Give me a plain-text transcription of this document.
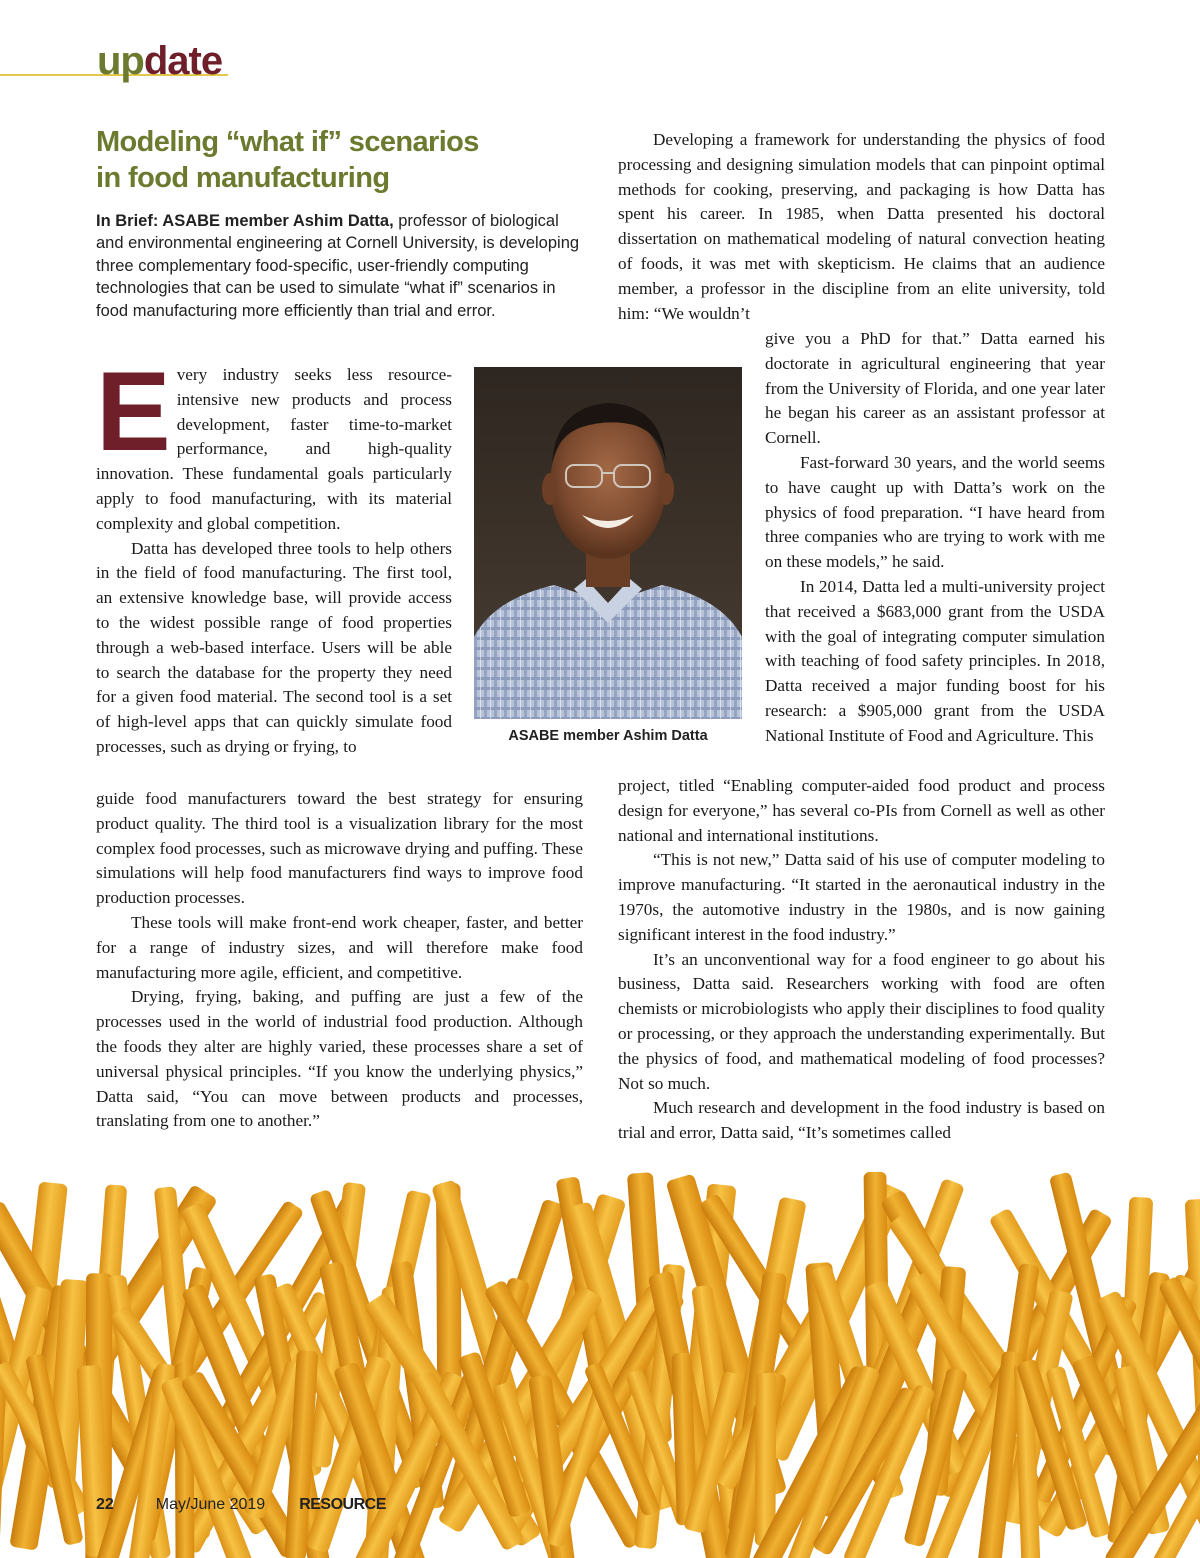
update
Modeling “what if” scenarios
in food manufacturing
In Brief: ASABE member Ashim Datta, professor of biological and environmental engineering at Cornell University, is developing three complementary food-specific, user-friendly computing technologies that can be used to simulate “what if” scenarios in food manufacturing more efficiently than trial and error.

Every industry seeks less resource-intensive new products and process development, faster time-to-market performance, and high-quality innovation. These fundamental goals particularly apply to food manufacturing, with its material complexity and global competition.

Datta has developed three tools to help others in the field of food manufacturing. The first tool, an extensive knowledge base, will provide access to the widest possible range of food properties through a web-based interface. Users will be able to search the database for the property they need for a given food material. The second tool is a set of high-level apps that can quickly simulate food processes, such as drying or frying, to

guide food manufacturers toward the best strategy for ensuring product quality. The third tool is a visualization library for the most complex food processes, such as microwave drying and puffing. These simulations will help food manufacturers find ways to improve food production processes.

These tools will make front-end work cheaper, faster, and better for a range of industry sizes, and will therefore make food manufacturing more agile, efficient, and competitive.

Drying, frying, baking, and puffing are just a few of the processes used in the world of industrial food production. Although the foods they alter are highly varied, these processes share a set of universal physical principles. “If you know the underlying physics,” Datta said, “You can move between products and processes, translating from one to another.”

ASABE member Ashim Datta

Developing a framework for understanding the physics of food processing and designing simulation models that can pinpoint optimal methods for cooking, preserving, and packaging is how Datta has spent his career. In 1985, when Datta presented his doctoral dissertation on mathematical modeling of natural convection heating of foods, it was met with skepticism. He claims that an audience member, a professor in the discipline from an elite university, told him: “We wouldn’t

give you a PhD for that.” Datta earned his doctorate in agricultural engineering that year from the University of Florida, and one year later he began his career as an assistant professor at Cornell.

Fast-forward 30 years, and the world seems to have caught up with Datta’s work on the physics of food preparation. “I have heard from three companies who are trying to work with me on these models,” he said.

In 2014, Datta led a multi-university project that received a $683,000 grant from the USDA with the goal of integrating computer simulation with teaching of food safety principles. In 2018, Datta received a major funding boost for his research: a $905,000 grant from the USDA National Institute of Food and Agriculture. This

project, titled “Enabling computer-aided food product and process design for everyone,” has several co-PIs from Cornell as well as other national and international institutions.

“This is not new,” Datta said of his use of computer modeling to improve manufacturing. “It started in the aeronautical industry in the 1970s, the automotive industry in the 1980s, and is now gaining significant interest in the food industry.”

It’s an unconventional way for a food engineer to go about his business, Datta said. Researchers working with food are often chemists or microbiologists who apply their disciplines to food quality or processing, or they approach the understanding experimentally. But the physics of food, and mathematical modeling of food processes? Not so much.

Much research and development in the food industry is based on trial and error, Datta said, “It’s sometimes called

22	May/June 2019 RESOURCE
